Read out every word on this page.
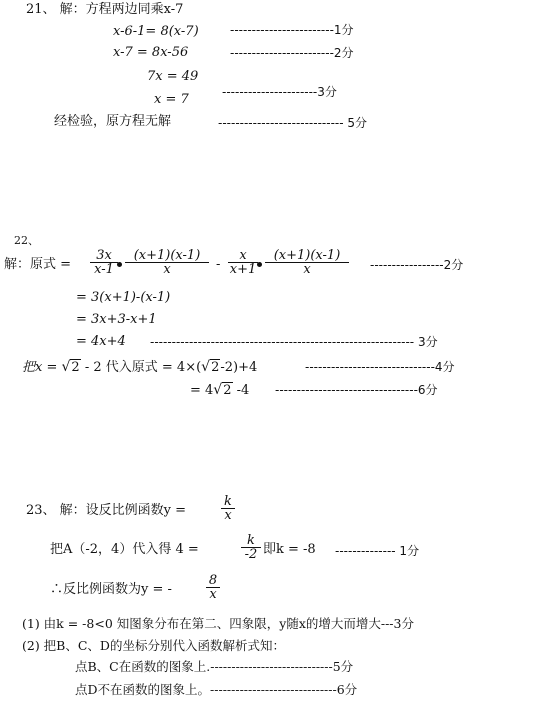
21、 解：方程两边同乘x-7
x-6-1= 8(x-7)	------------------------1分
x-7 = 8x-56	------------------------2分
7x = 49
x = 7	----------------------3分
经检验，原方程无解	----------------------------- 5分
22、
解：原式 = $\frac{3x}{x-1} \frac{(x+1)(x-1)}{x} - \frac{x}{x+1} \frac{(x+1)(x-1)}{x} -----------------2$分
= 3(x+1)-(x-1)
= 3x+3-x+1
= 4x+4 ------------------------------------------------------------- 3分
把x = √2 - 2 代入原式 = 4×(√2-2)+4	------------------------------4分
= 4√2 -4 ---------------------------------6分
23、 解：设反比例函数y =	$\frac{k}{x}$
把A（-2，4）代入得 4 =	$\frac{k}{-2}$ 即k = -8 -------------- 1分
∴反比例函数为y = -	$\frac{8}{x}$
(1) 由k = -8<0 知图象分布在第二、四象限，y随x的增大而增大---3分
(2) 把B、C、D的坐标分别代入函数解析式知：
点B、C在函数的图象上.-----------------------------5分
点D不在函数的图象上。------------------------------6分
